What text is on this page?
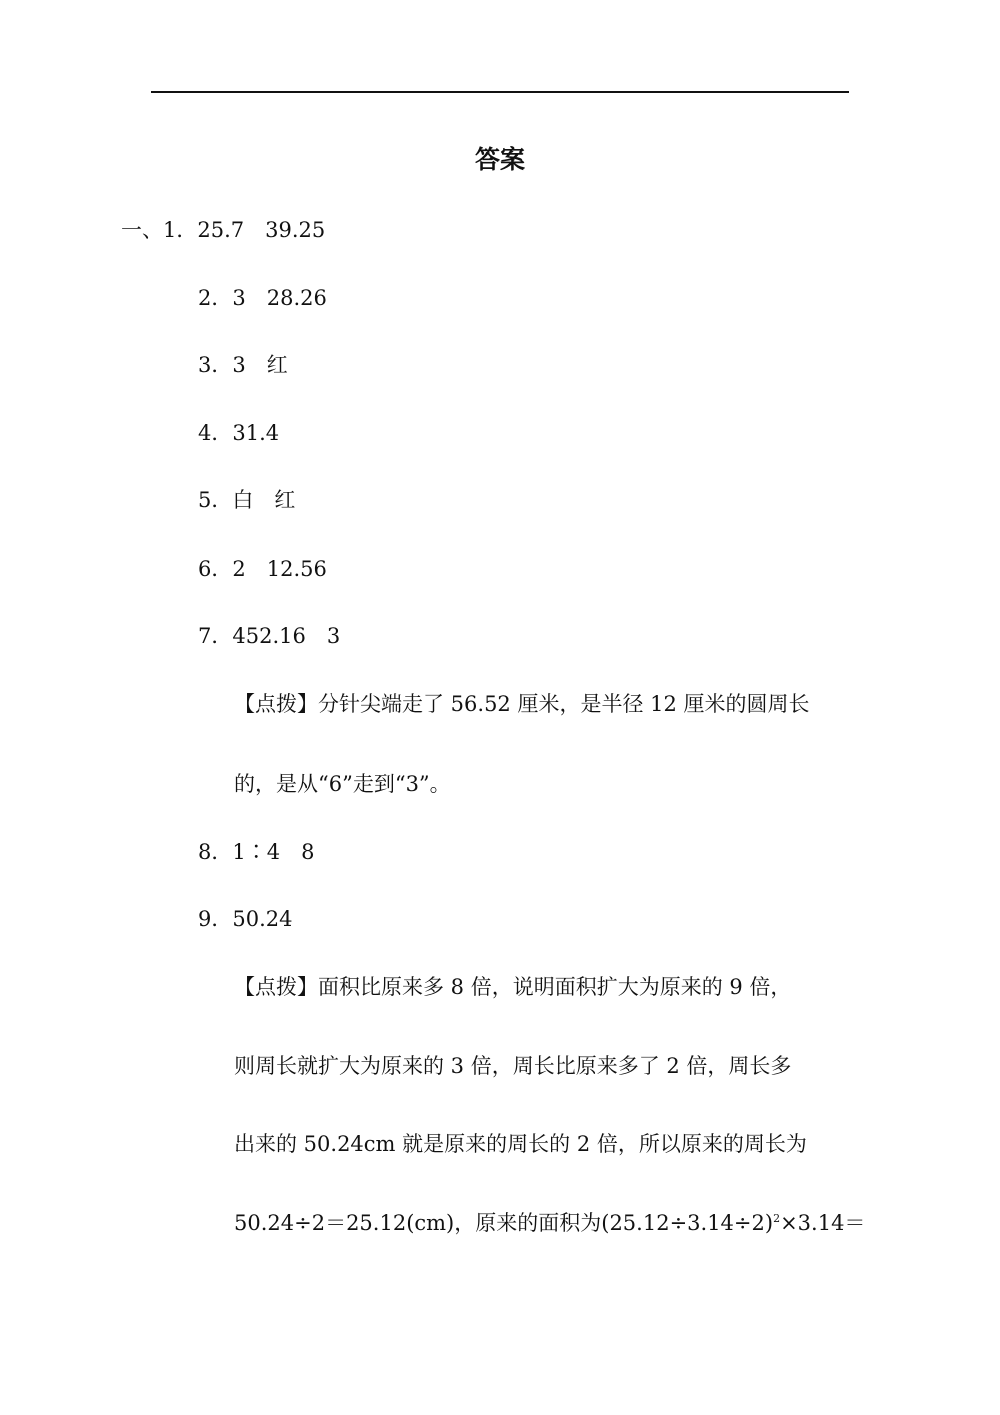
答案
一、1．25.7　39.25
2．3　28.26
3．3　红
4．31.4
5．白　红
6．2　12.56
7．452.16　3
【点拨】分针尖端走了 56.52 厘米，是半径 12 厘米的圆周长
的，是从“6”走到“3”。
8．1∶4　8
9．50.24
【点拨】面积比原来多 8 倍，说明面积扩大为原来的 9 倍，
则周长就扩大为原来的 3 倍，周长比原来多了 2 倍，周长多
出来的 50.24cm 就是原来的周长的 2 倍，所以原来的周长为
50.24÷2＝25.12(cm)，原来的面积为$(25.12\div 3.14\div 2)^2\times 3.14=$
